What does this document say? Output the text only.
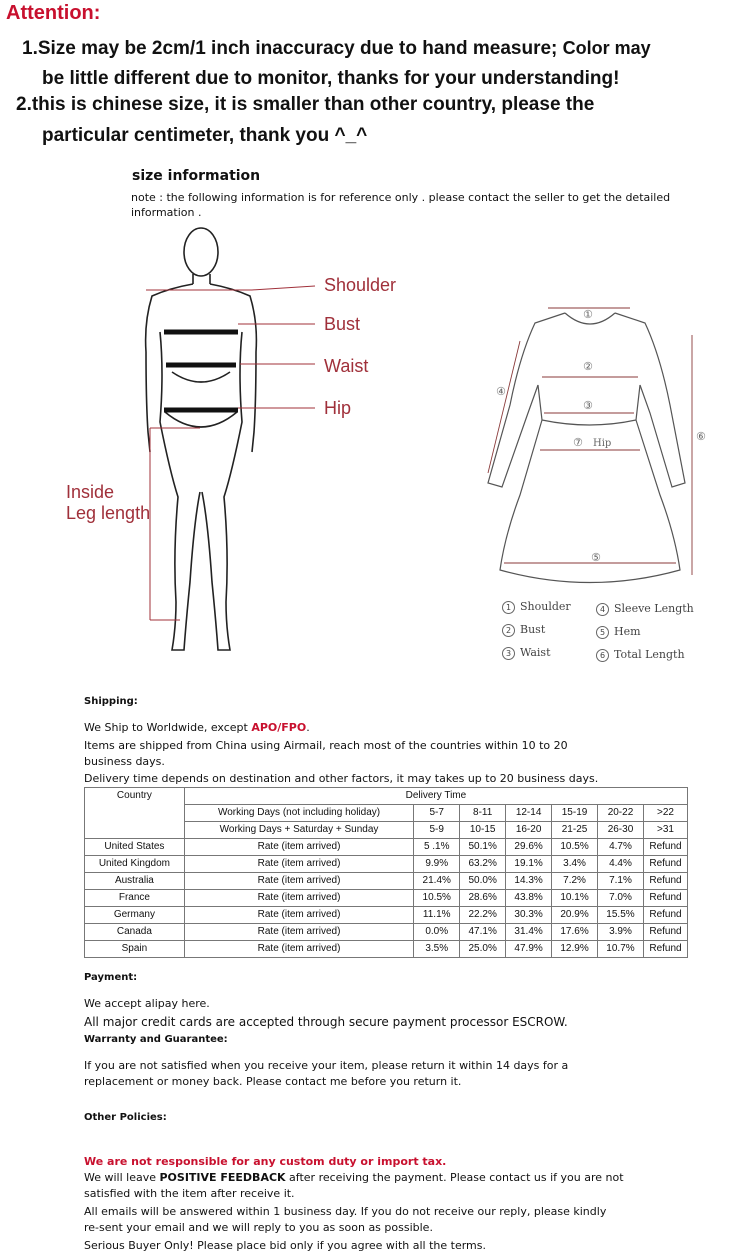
Attention:
1.Size may be 2cm/1 inch inaccuracy due to hand measure; Color may
be little different due to monitor, thanks for your understanding!
2.this is chinese size, it is smaller than other country, please the
particular centimeter, thank you ^_^
size information
note : the following information is for reference only . please contact the seller to get the detailed information .
Shoulder
Bust
Waist
Hip
Inside
Leg length
①
②
③
⑦ Hip
⑤
④
⑥
1 Shoulder	4 Sleeve Length
2 Bust	5 Hem
3 Waist	6 Total Length
Shipping:
We Ship to Worldwide, except APO/FPO.
Items are shipped from China using Airmail, reach most of the countries within 10 to 20 business days.
Delivery time depends on destination and other factors, it may takes up to 20 business days.
Country	Delivery Time						
	Working Days (not including holiday)	5-7	8-11	12-14	15-19	20-22	>22
	Working Days + Saturday + Sunday	5-9	10-15	16-20	21-25	26-30	>31
United States	Rate (item arrived)	5 .1%	50.1%	29.6%	10.5%	4.7%	Refund
United Kingdom	Rate (item arrived)	9.9%	63.2%	19.1%	3.4%	4.4%	Refund
Australia	Rate (item arrived)	21.4%	50.0%	14.3%	7.2%	7.1%	Refund
France	Rate (item arrived)	10.5%	28.6%	43.8%	10.1%	7.0%	Refund
Germany	Rate (item arrived)	11.1%	22.2%	30.3%	20.9%	15.5%	Refund
Canada	Rate (item arrived)	0.0%	47.1%	31.4%	17.6%	3.9%	Refund
Spain	Rate (item arrived)	3.5%	25.0%	47.9%	12.9%	10.7%	Refund
Payment:
We accept alipay here.
All major credit cards are accepted through secure payment processor ESCROW.
Warranty and Guarantee:
If you are not satisfied when you receive your item, please return it within 14 days for a replacement or money back. Please contact me before you return it.
Other Policies:
We are not responsible for any custom duty or import tax.
We will leave POSITIVE FEEDBACK after receiving the payment. Please contact us if you are not satisfied with the item after receive it.
All emails will be answered within 1 business day. If you do not receive our reply, please kindly re-sent your email and we will reply to you as soon as possible.
Serious Buyer Only! Please place bid only if you agree with all the terms.
